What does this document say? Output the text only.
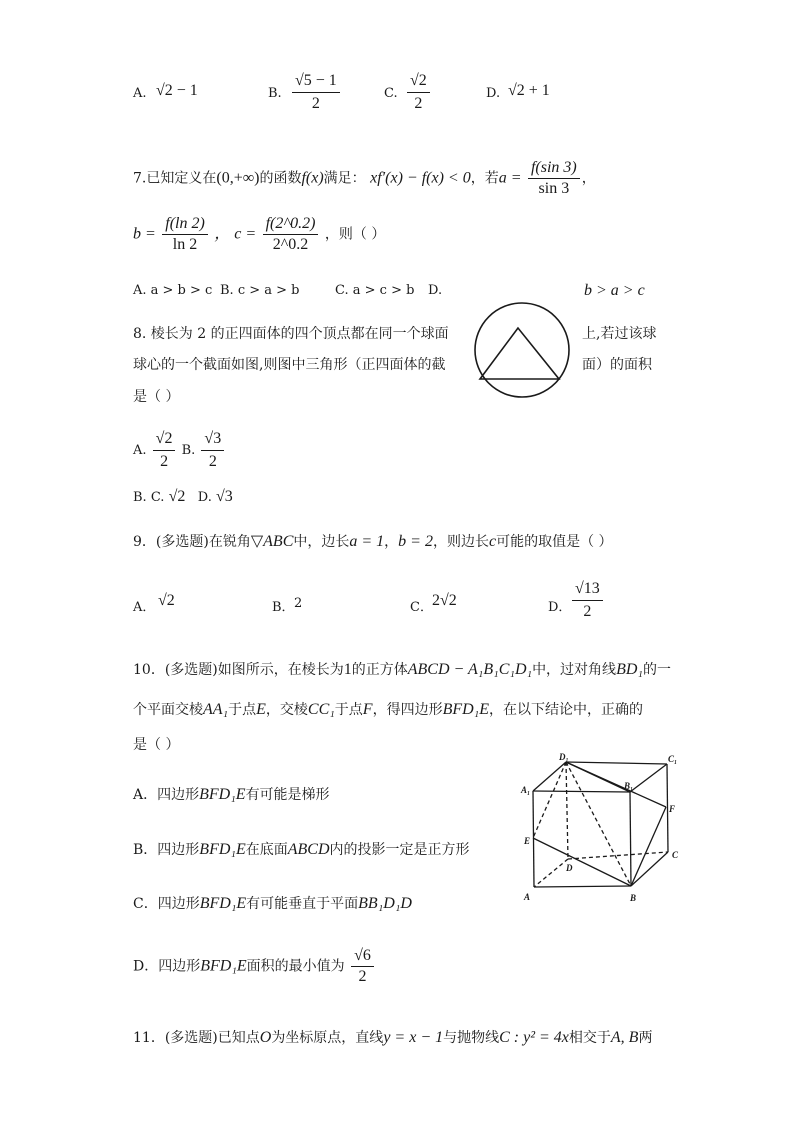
A. √2 − 1	B. $\frac{√5 - 1}{2}$	C. $\frac{√2}{2}$	D. √2 + 1
7.已知定义在(0,+∞)的函数f(x)满足： xf′(x) − f(x) < 0，若$a = \frac{f(\sin 3)}{\sin 3}$ ，
$b = \frac{f(\ln 2)}{\ln 2}$ ， $c = \frac{f(2\^{}0.2)}{2\^{}0.2}$ ，则（ ）
A. a > b > c B. c > a > b	C. a > c > b D.	b > a > c
8. 棱长为 2 的正四面体的四个顶点都在同一个球面	上,若过该球
球心的一个截面如图,则图中三角形（正四面体的截	面）的面积
是（ ）
A. $\frac{√2}{2} B$. $\frac{√3}{2}$
B. C. √2 D. √3
9．(多选题)在锐角▽ABC中，边长a = 1，b = 2，则边长c可能的取值是（ ）
A． √2	B． 2	C． 2√2	D． $\frac{√13}{2}$
10．(多选题)如图所示，在棱长为1的正方体ABCD − A₁B₁C₁D₁中，过对角线BD₁的一
个平面交棱AA₁于点E，交棱CC₁于点F，得四边形BFD₁E，在以下结论中，正确的
是（ ）
A．四边形BFD₁E有可能是梯形
B．四边形BFD₁E在底面ABCD内的投影一定是正方形
C．四边形BFD₁E有可能垂直于平面BB₁D₁D
D．四边形BFD₁E面积的最小值为 $\frac{√6}{2}$
D₁	C₁
A₁	B₁
E
F
D
C
A	B
11．(多选题)已知点O为坐标原点，直线y = x − 1与抛物线C : y² = 4x相交于A, B两
